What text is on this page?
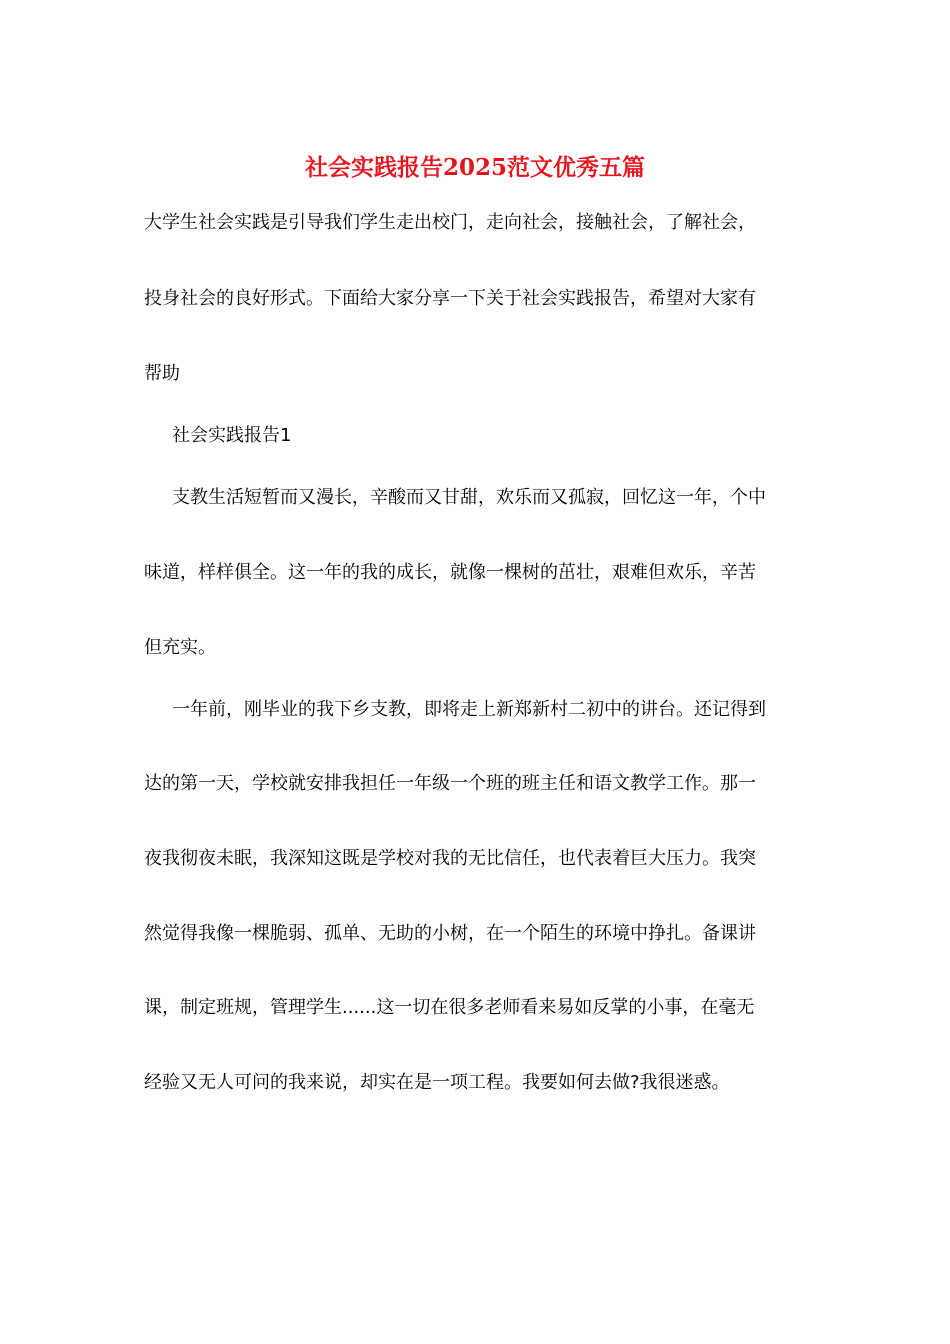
社会实践报告2025范文优秀五篇

大学生社会实践是引导我们学生走出校门，走向社会，接触社会，了解社会，

投身社会的良好形式。下面给大家分享一下关于社会实践报告，希望对大家有

帮助

社会实践报告1

支教生活短暂而又漫长，辛酸而又甘甜，欢乐而又孤寂，回忆这一年，个中

味道，样样俱全。这一年的我的成长，就像一棵树的茁壮，艰难但欢乐，辛苦

但充实。

一年前，刚毕业的我下乡支教，即将走上新郑新村二初中的讲台。还记得到

达的第一天，学校就安排我担任一年级一个班的班主任和语文教学工作。那一

夜我彻夜未眠，我深知这既是学校对我的无比信任，也代表着巨大压力。我突

然觉得我像一棵脆弱、孤单、无助的小树，在一个陌生的环境中挣扎。备课讲

课，制定班规，管理学生......这一切在很多老师看来易如反掌的小事，在毫无

经验又无人可问的我来说，却实在是一项工程。我要如何去做?我很迷惑。
